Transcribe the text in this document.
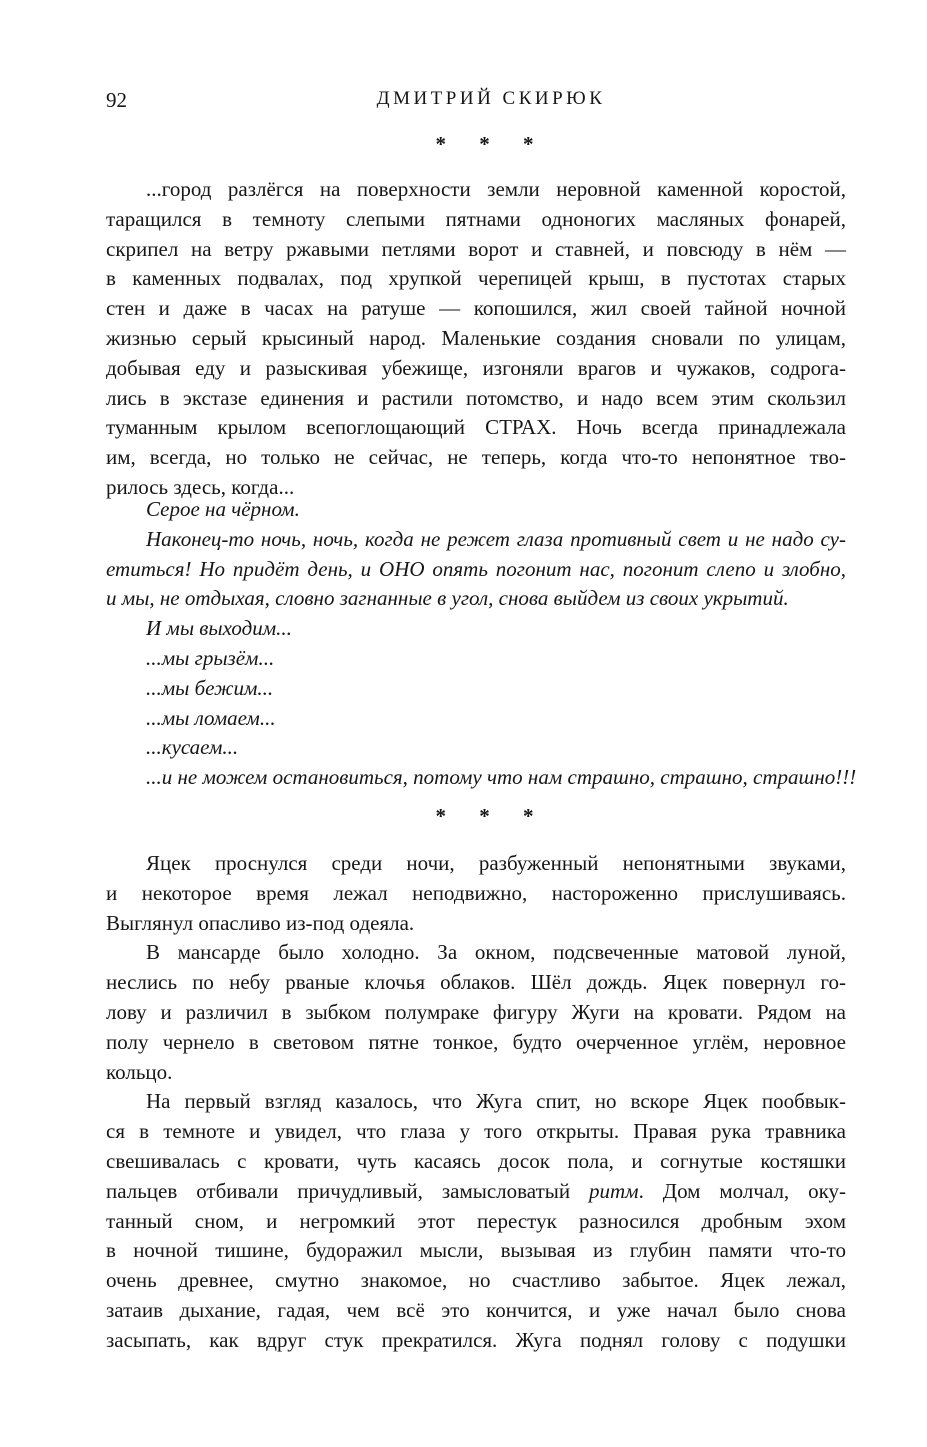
92	ДМИТРИЙ СКИРЮК
* * *

...город разлёгся на поверхности земли неровной каменной коростой,
таращился в темноту слепыми пятнами одноногих масляных фонарей,
скрипел на ветру ржавыми петлями ворот и ставней, и повсюду в нём —
в каменных подвалах, под хрупкой черепицей крыш, в пустотах старых
стен и даже в часах на ратуше — копошился, жил своей тайной ночной
жизнью серый крысиный народ. Маленькие создания сновали по улицам,
добывая еду и разыскивая убежище, изгоняли врагов и чужаков, содрога-
лись в экстазе единения и растили потомство, и надо всем этим скользил
туманным крылом всепоглощающий СТРАХ. Ночь всегда принадлежала
им, всегда, но только не сейчас, не теперь, когда что-то непонятное тво-
рилось здесь, когда...

Серое на чёрном.

Наконец-то ночь, ночь, когда не режет глаза противный свет и не надо су-
етиться! Но придёт день, и ОНО опять погонит нас, погонит слепо и злобно,
и мы, не отдыхая, словно загнанные в угол, снова выйдем из своих укрытий.

И мы выходим...

...мы грызём...

...мы бежим...

...мы ломаем...

...кусаем...

...и не можем остановиться, потому что нам страшно, страшно, страшно!!!

* * *

Яцек проснулся среди ночи, разбуженный непонятными звуками,
и некоторое время лежал неподвижно, настороженно прислушиваясь.
Выглянул опасливо из-под одеяла.

В мансарде было холодно. За окном, подсвеченные матовой луной,
неслись по небу рваные клочья облаков. Шёл дождь. Яцек повернул го-
лову и различил в зыбком полумраке фигуру Жуги на кровати. Рядом на
полу чернело в световом пятне тонкое, будто очерченное углём, неровное
кольцо.

На первый взгляд казалось, что Жуга спит, но вскоре Яцек пообвык-
ся в темноте и увидел, что глаза у того открыты. Правая рука травника
свешивалась с кровати, чуть касаясь досок пола, и согнутые костяшки
пальцев отбивали причудливый, замысловатый ритм. Дом молчал, оку-
танный сном, и негромкий этот перестук разносился дробным эхом
в ночной тишине, будоражил мысли, вызывая из глубин памяти что-то
очень древнее, смутно знакомое, но счастливо забытое. Яцек лежал,
затаив дыхание, гадая, чем всё это кончится, и уже начал было снова
засыпать, как вдруг стук прекратился. Жуга поднял голову с подушки
